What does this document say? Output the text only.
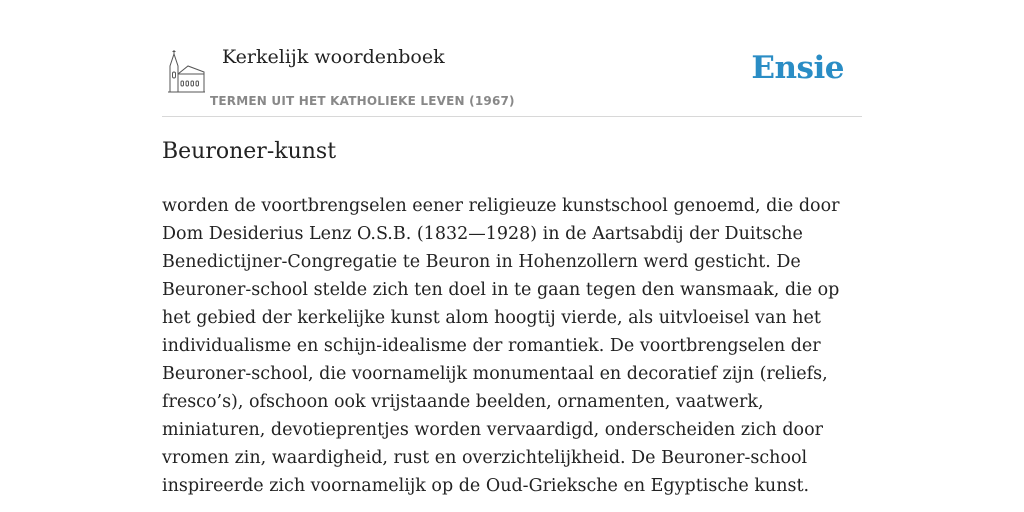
Kerkelijk woordenboek
TERMEN UIT HET KATHOLIEKE LEVEN (1967)
Ensie
Beuroner-kunst

worden de voortbrengselen eener religieuze kunstschool genoemd, die door Dom Desiderius Lenz O.S.B. (1832—1928) in de Aartsabdij der Duitsche Benedictijner-Congregatie te Beuron in Hohenzollern werd gesticht. De Beuroner-school stelde zich ten doel in te gaan tegen den wansmaak, die op het gebied der kerkelijke kunst alom hoogtij vierde, als uitvloeisel van het individualisme en schijn-idealisme der romantiek. De voortbrengselen der Beuroner-school, die voornamelijk monumentaal en decoratief zijn (reliefs, fresco’s), ofschoon ook vrijstaande beelden, ornamenten, vaatwerk, miniaturen, devotieprentjes worden vervaardigd, onderscheiden zich door vromen zin, waardigheid, rust en overzichtelijkheid. De Beuroner-school inspireerde zich voornamelijk op de Oud-Grieksche en Egyptische kunst.
